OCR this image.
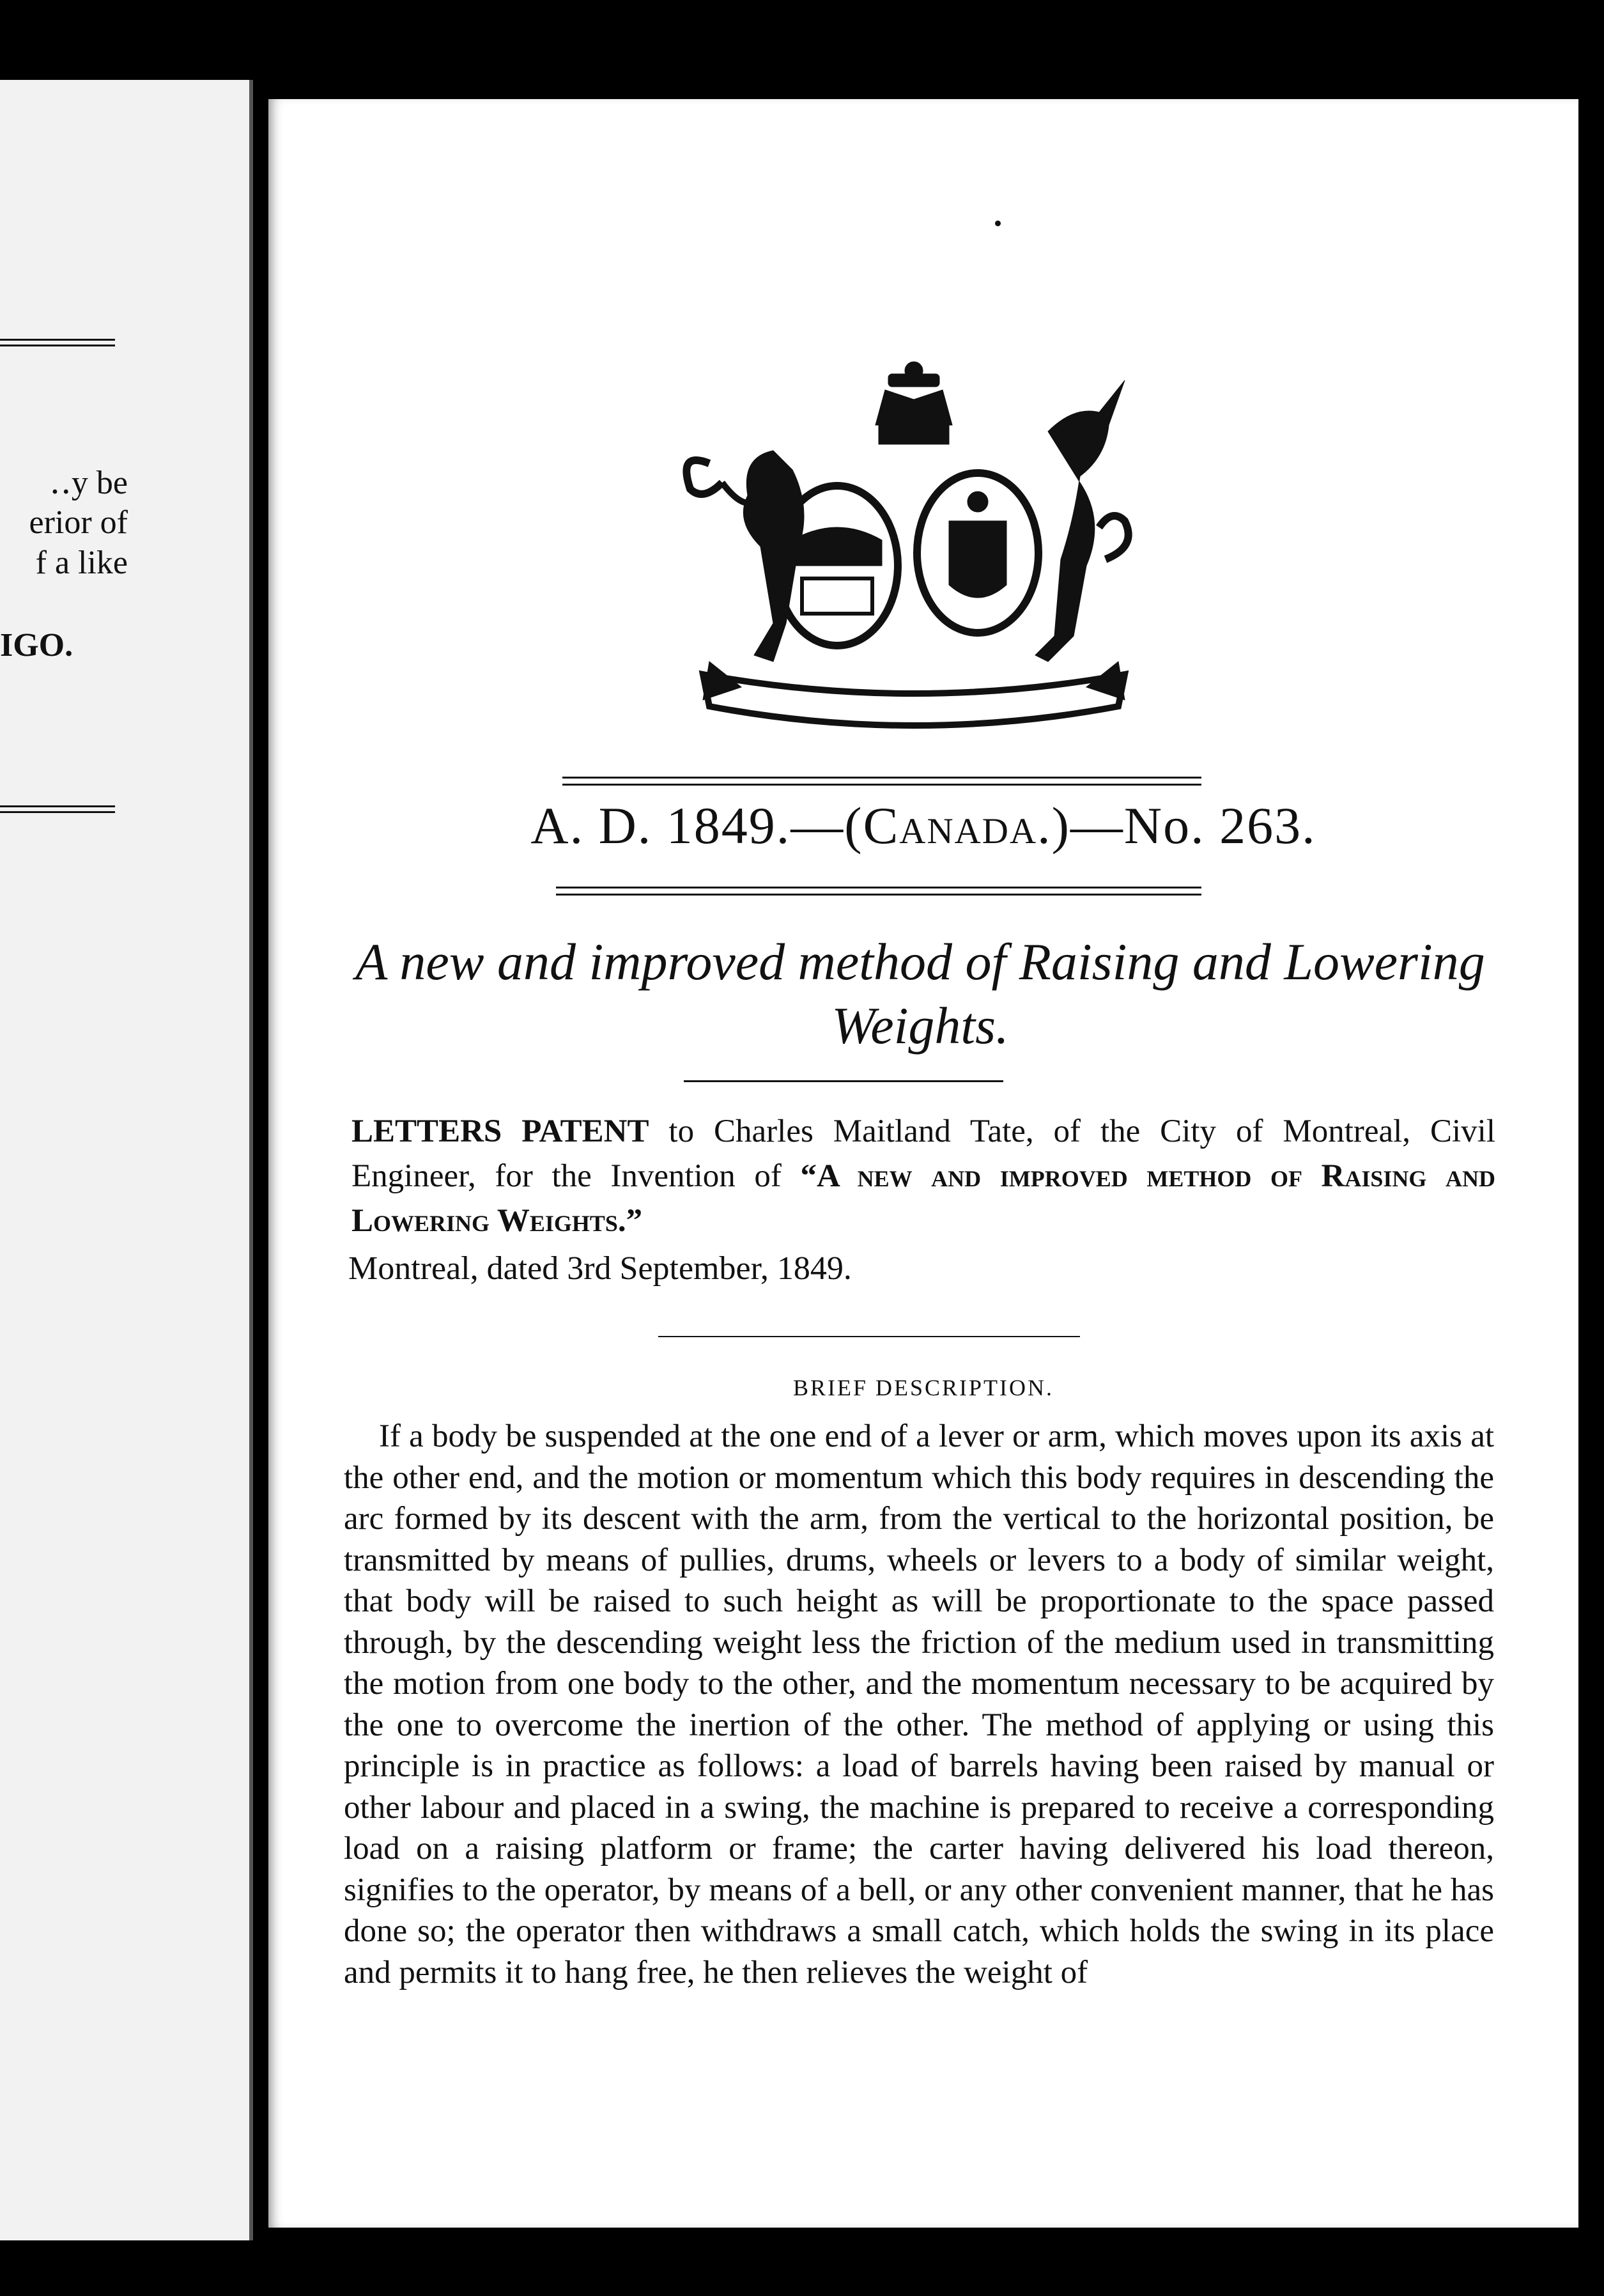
‥y be
erior of
f a like
IGO.
A. D. 1849.—(Canada.)—No. 263.
A new and improved method of Raising and Lowering Weights.
LETTERS PATENT to Charles Maitland Tate, of the City of Montreal, Civil Engineer, for the Invention of “A new and improved method of Raising and Lowering Weights.”
Montreal, dated 3rd September, 1849.
BRIEF DESCRIPTION.
If a body be suspended at the one end of a lever or arm, which moves upon its axis at the other end, and the motion or momentum which this body requires in descending the arc formed by its descent with the arm, from the vertical to the horizontal position, be transmitted by means of pullies, drums, wheels or levers to a body of similar weight, that body will be raised to such height as will be proportionate to the space passed through, by the descending weight less the friction of the medium used in transmitting the motion from one body to the other, and the momentum necessary to be acquired by the one to overcome the inertion of the other. The method of applying or using this principle is in practice as follows: a load of barrels having been raised by manual or other labour and placed in a swing, the machine is prepared to receive a corresponding load on a raising platform or frame; the carter having delivered his load thereon, signifies to the operator, by means of a bell, or any other convenient manner, that he has done so; the operator then withdraws a small catch, which holds the swing in its place and permits it to hang free, he then relieves the weight of
